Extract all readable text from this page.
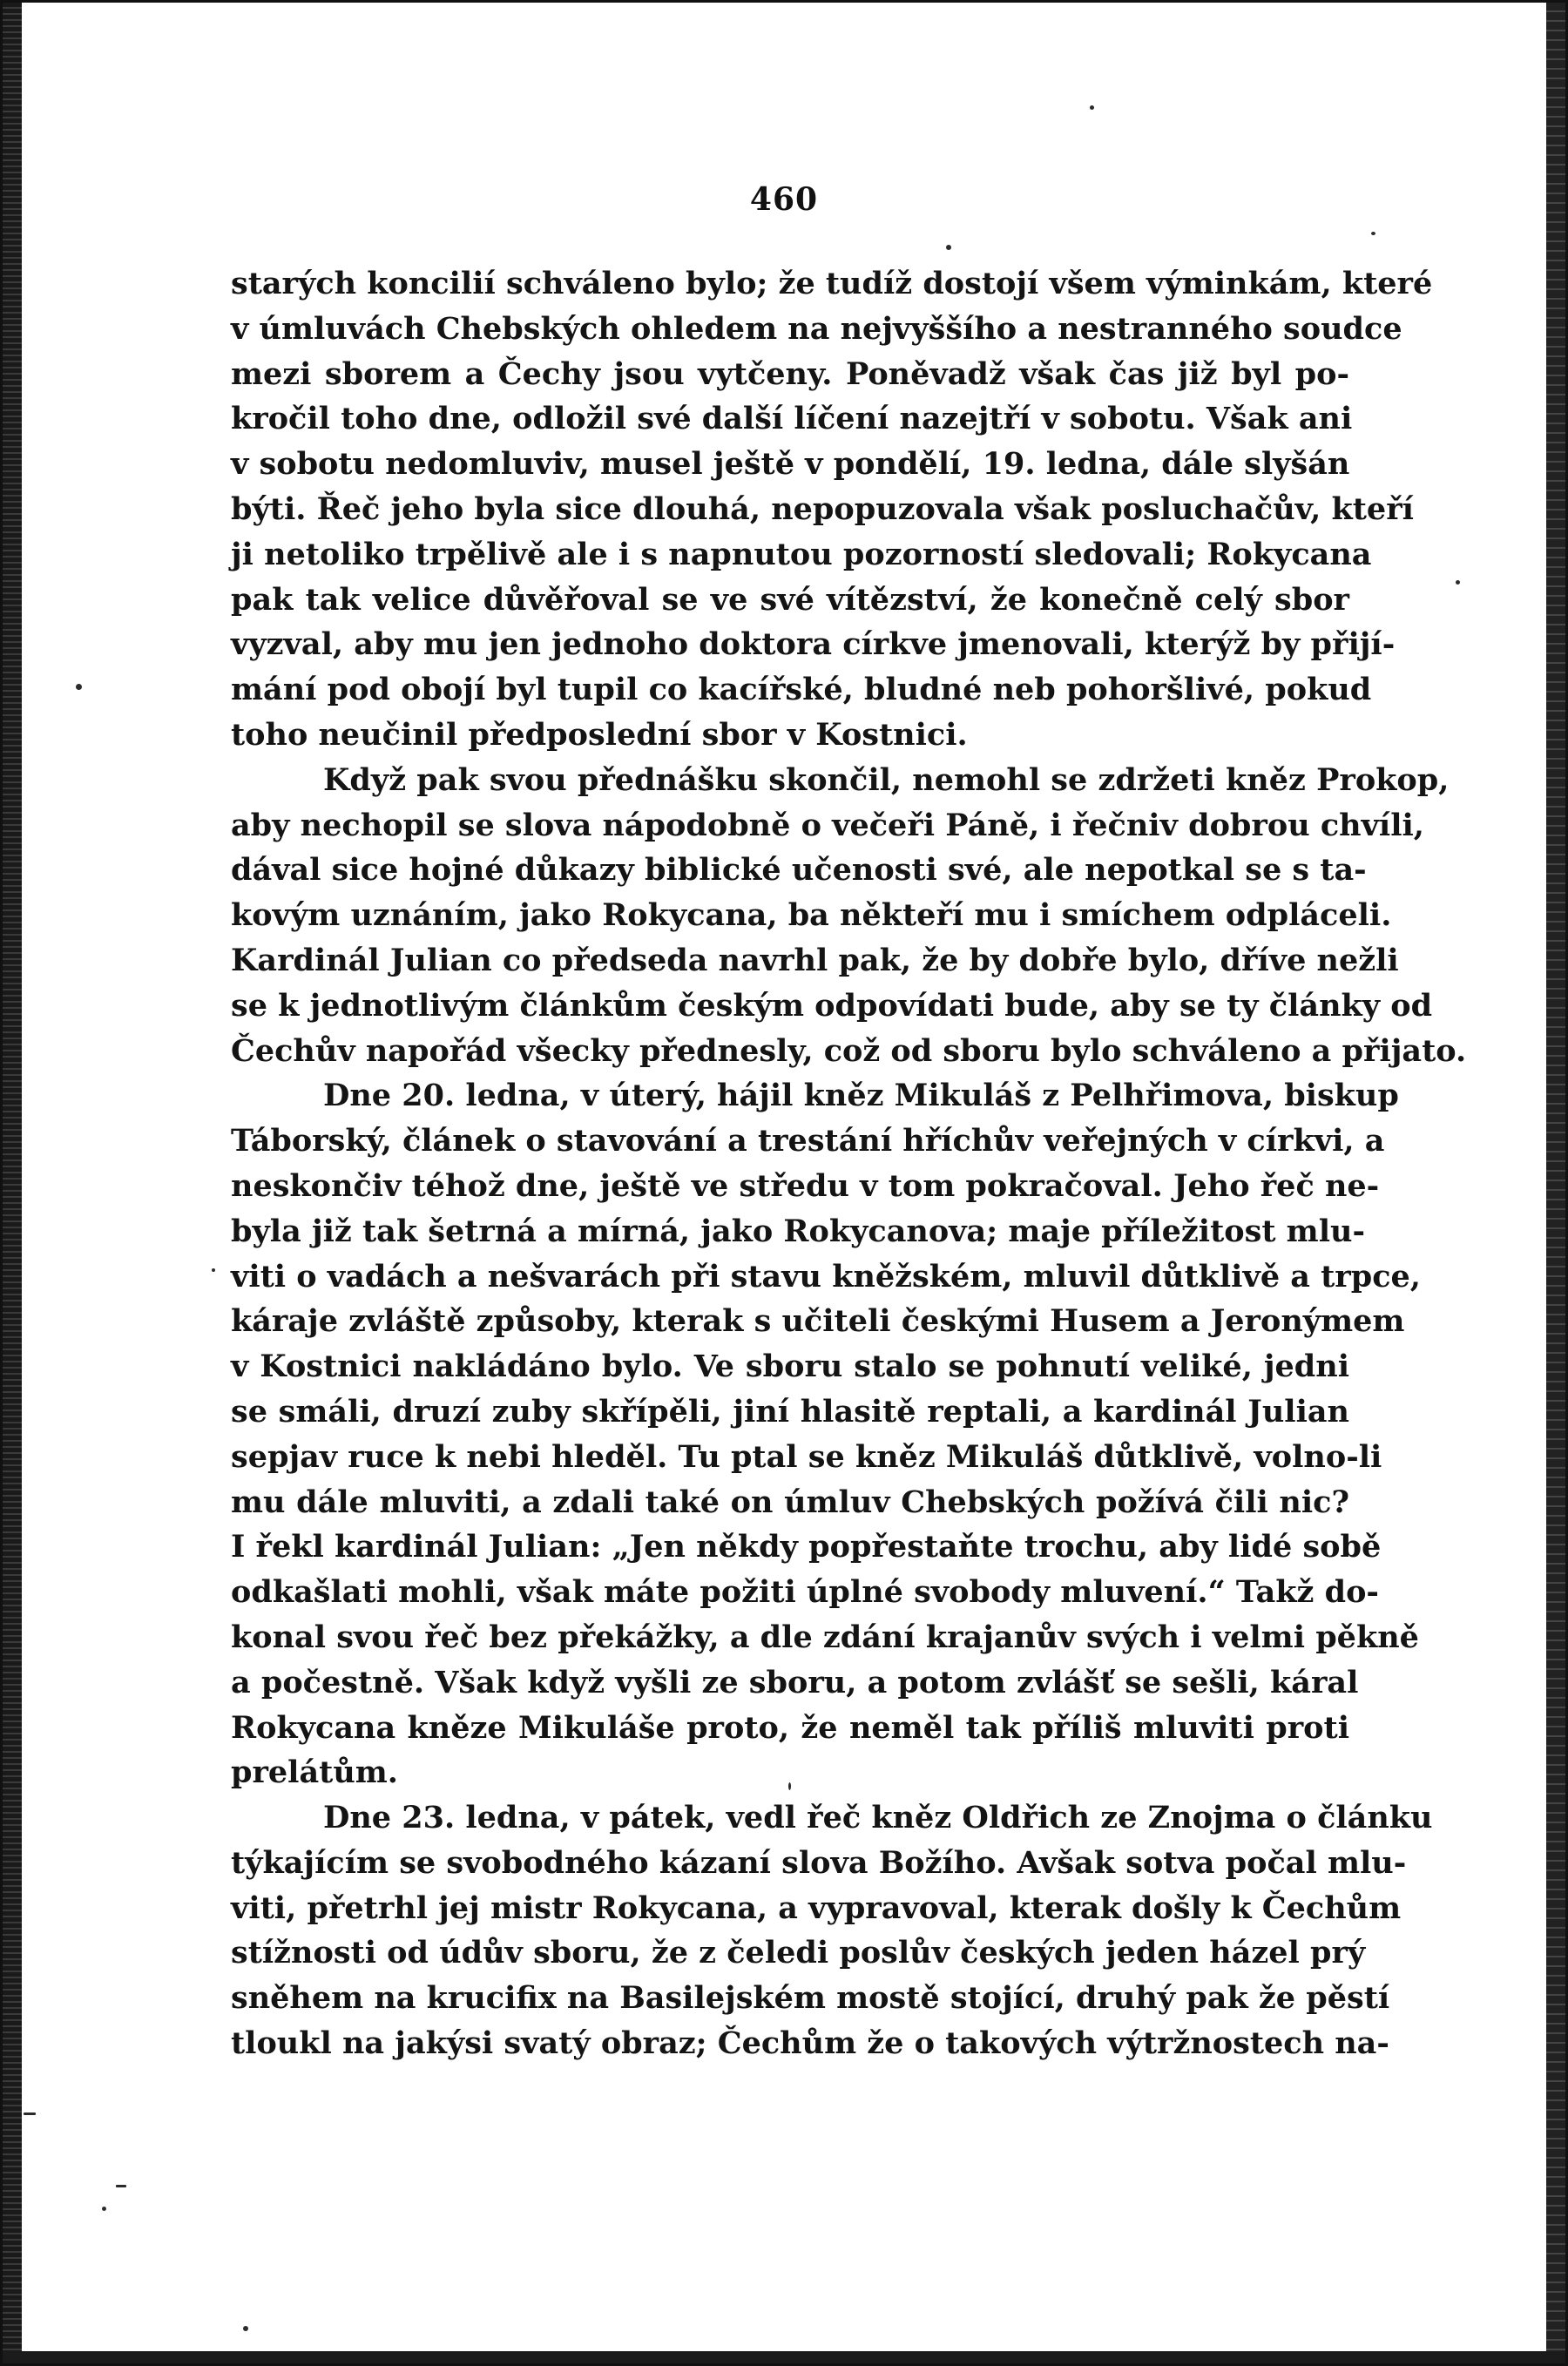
460
starých koncilií schváleno bylo; že tudíž dostojí všem výminkám, které
v úmluvách Chebských ohledem na nejvyššího a nestranného soudce
mezi sborem a Čechy jsou vytčeny. Poněvadž však čas již byl po-
kročil toho dne, odložil své další líčení nazejtří v sobotu. Však ani
v sobotu nedomluviv, musel ještě v pondělí, 19. ledna, dále slyšán
býti. Řeč jeho byla sice dlouhá, nepopuzovala však posluchačův, kteří
ji netoliko trpělivě ale i s napnutou pozorností sledovali; Rokycana
pak tak velice důvěřoval se ve své vítězství, že konečně celý sbor
vyzval, aby mu jen jednoho doktora církve jmenovali, kterýž by přijí-
mání pod obojí byl tupil co kacířské, bludné neb pohoršlivé, pokud
toho neučinil předposlední sbor v Kostnici.
Když pak svou přednášku skončil, nemohl se zdržeti kněz Prokop,
aby nechopil se slova nápodobně o večeři Páně, i řečniv dobrou chvíli,
dával sice hojné důkazy biblické učenosti své, ale nepotkal se s ta-
kovým uznáním, jako Rokycana, ba někteří mu i smíchem odpláceli.
Kardinál Julian co předseda navrhl pak, že by dobře bylo, dříve nežli
se k jednotlivým článkům českým odpovídati bude, aby se ty články od
Čechův napořád všecky přednesly, což od sboru bylo schváleno a přijato.
Dne 20. ledna, v úterý, hájil kněz Mikuláš z Pelhřimova, biskup
Táborský, článek o stavování a trestání hříchův veřejných v církvi, a
neskončiv téhož dne, ještě ve středu v tom pokračoval. Jeho řeč ne-
byla již tak šetrná a mírná, jako Rokycanova; maje příležitost mlu-
viti o vadách a nešvarách při stavu kněžském, mluvil důtklivě a trpce,
káraje zvláště způsoby, kterak s učiteli českými Husem a Jeronýmem
v Kostnici nakládáno bylo. Ve sboru stalo se pohnutí veliké, jedni
se smáli, druzí zuby skřípěli, jiní hlasitě reptali, a kardinál Julian
sepjav ruce k nebi hleděl. Tu ptal se kněz Mikuláš důtklivě, volno-li
mu dále mluviti, a zdali také on úmluv Chebských požívá čili nic?
I řekl kardinál Julian: „Jen někdy popřestaňte trochu, aby lidé sobě
odkašlati mohli, však máte požiti úplné svobody mluvení.“ Takž do-
konal svou řeč bez překážky, a dle zdání krajanův svých i velmi pěkně
a počestně. Však když vyšli ze sboru, a potom zvlášť se sešli, káral
Rokycana kněze Mikuláše proto, že neměl tak příliš mluviti proti
prelátům.
Dne 23. ledna, v pátek, vedl řeč kněz Oldřich ze Znojma o článku
týkajícím se svobodného kázaní slova Božího. Avšak sotva počal mlu-
viti, přetrhl jej mistr Rokycana, a vypravoval, kterak došly k Čechům
stížnosti od údův sboru, že z čeledi poslův českých jeden házel prý
sněhem na krucifix na Basilejském mostě stojící, druhý pak že pěstí
tloukl na jakýsi svatý obraz; Čechům že o takových výtržnostech na-
